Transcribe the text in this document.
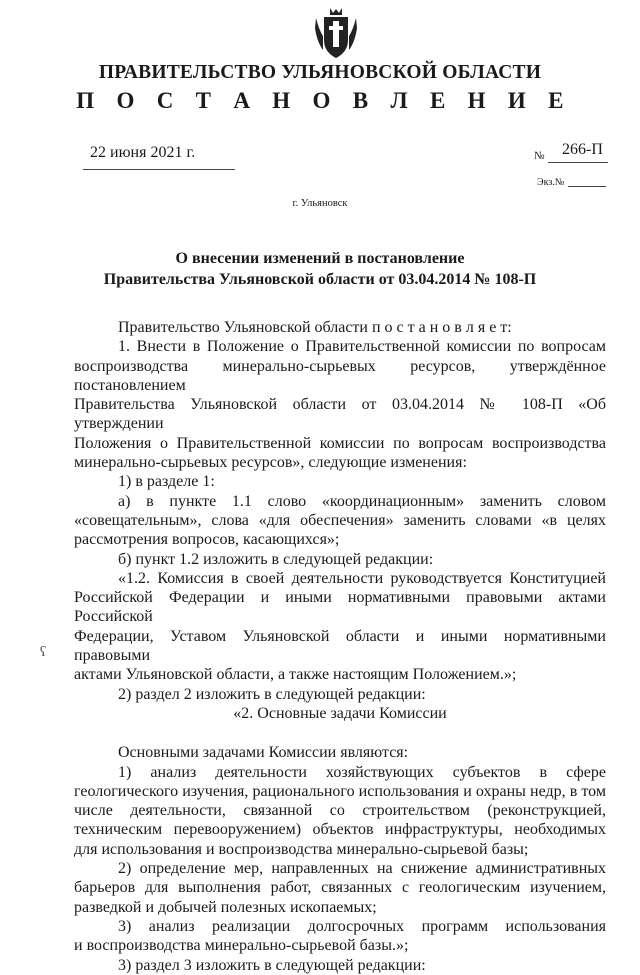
ПРАВИТЕЛЬСТВО УЛЬЯНОВСКОЙ ОБЛАСТИ
П О С Т А Н О В Л Е Н И Е
22 июня 2021 г.	№ 266-П
Экз.№
г. Ульяновск
О внесении изменений в постановление
Правительства Ульяновской области от 03.04.2014 № 108-П

Правительство Ульяновской области п о с т а н о в л я е т:

1. Внести в Положение о Правительственной комиссии по вопросам

воспроизводства минерально-сырьевых ресурсов, утверждённое постановлением

Правительства Ульяновской области от 03.04.2014 № 108-П «Об утверждении

Положения о Правительственной комиссии по вопросам воспроизводства

минерально-сырьевых ресурсов», следующие изменения:

1) в разделе 1:

а) в пункте 1.1 слово «координационным» заменить словом

«совещательным», слова «для обеспечения» заменить словами «в целях

рассмотрения вопросов, касающихся»;

б) пункт 1.2 изложить в следующей редакции:

«1.2. Комиссия в своей деятельности руководствуется Конституцией

Российской Федерации и иными нормативными правовыми актами Российской

Федерации, Уставом Ульяновской области и иными нормативными правовыми

актами Ульяновской области, а также настоящим Положением.»;

2) раздел 2 изложить в следующей редакции:

«2. Основные задачи Комиссии

Основными задачами Комиссии являются:

1) анализ деятельности хозяйствующих субъектов в сфере

геологического изучения, рационального использования и охраны недр, в том

числе деятельности, связанной со строительством (реконструкцией,

техническим перевооружением) объектов инфраструктуры, необходимых

для использования и воспроизводства минерально-сырьевой базы;

2) определение мер, направленных на снижение административных

барьеров для выполнения работ, связанных с геологическим изучением,

разведкой и добычей полезных ископаемых;

3) анализ реализации долгосрочных программ использования

и воспроизводства минерально-сырьевой базы.»;

3) раздел 3 изложить в следующей редакции:

ʕ
